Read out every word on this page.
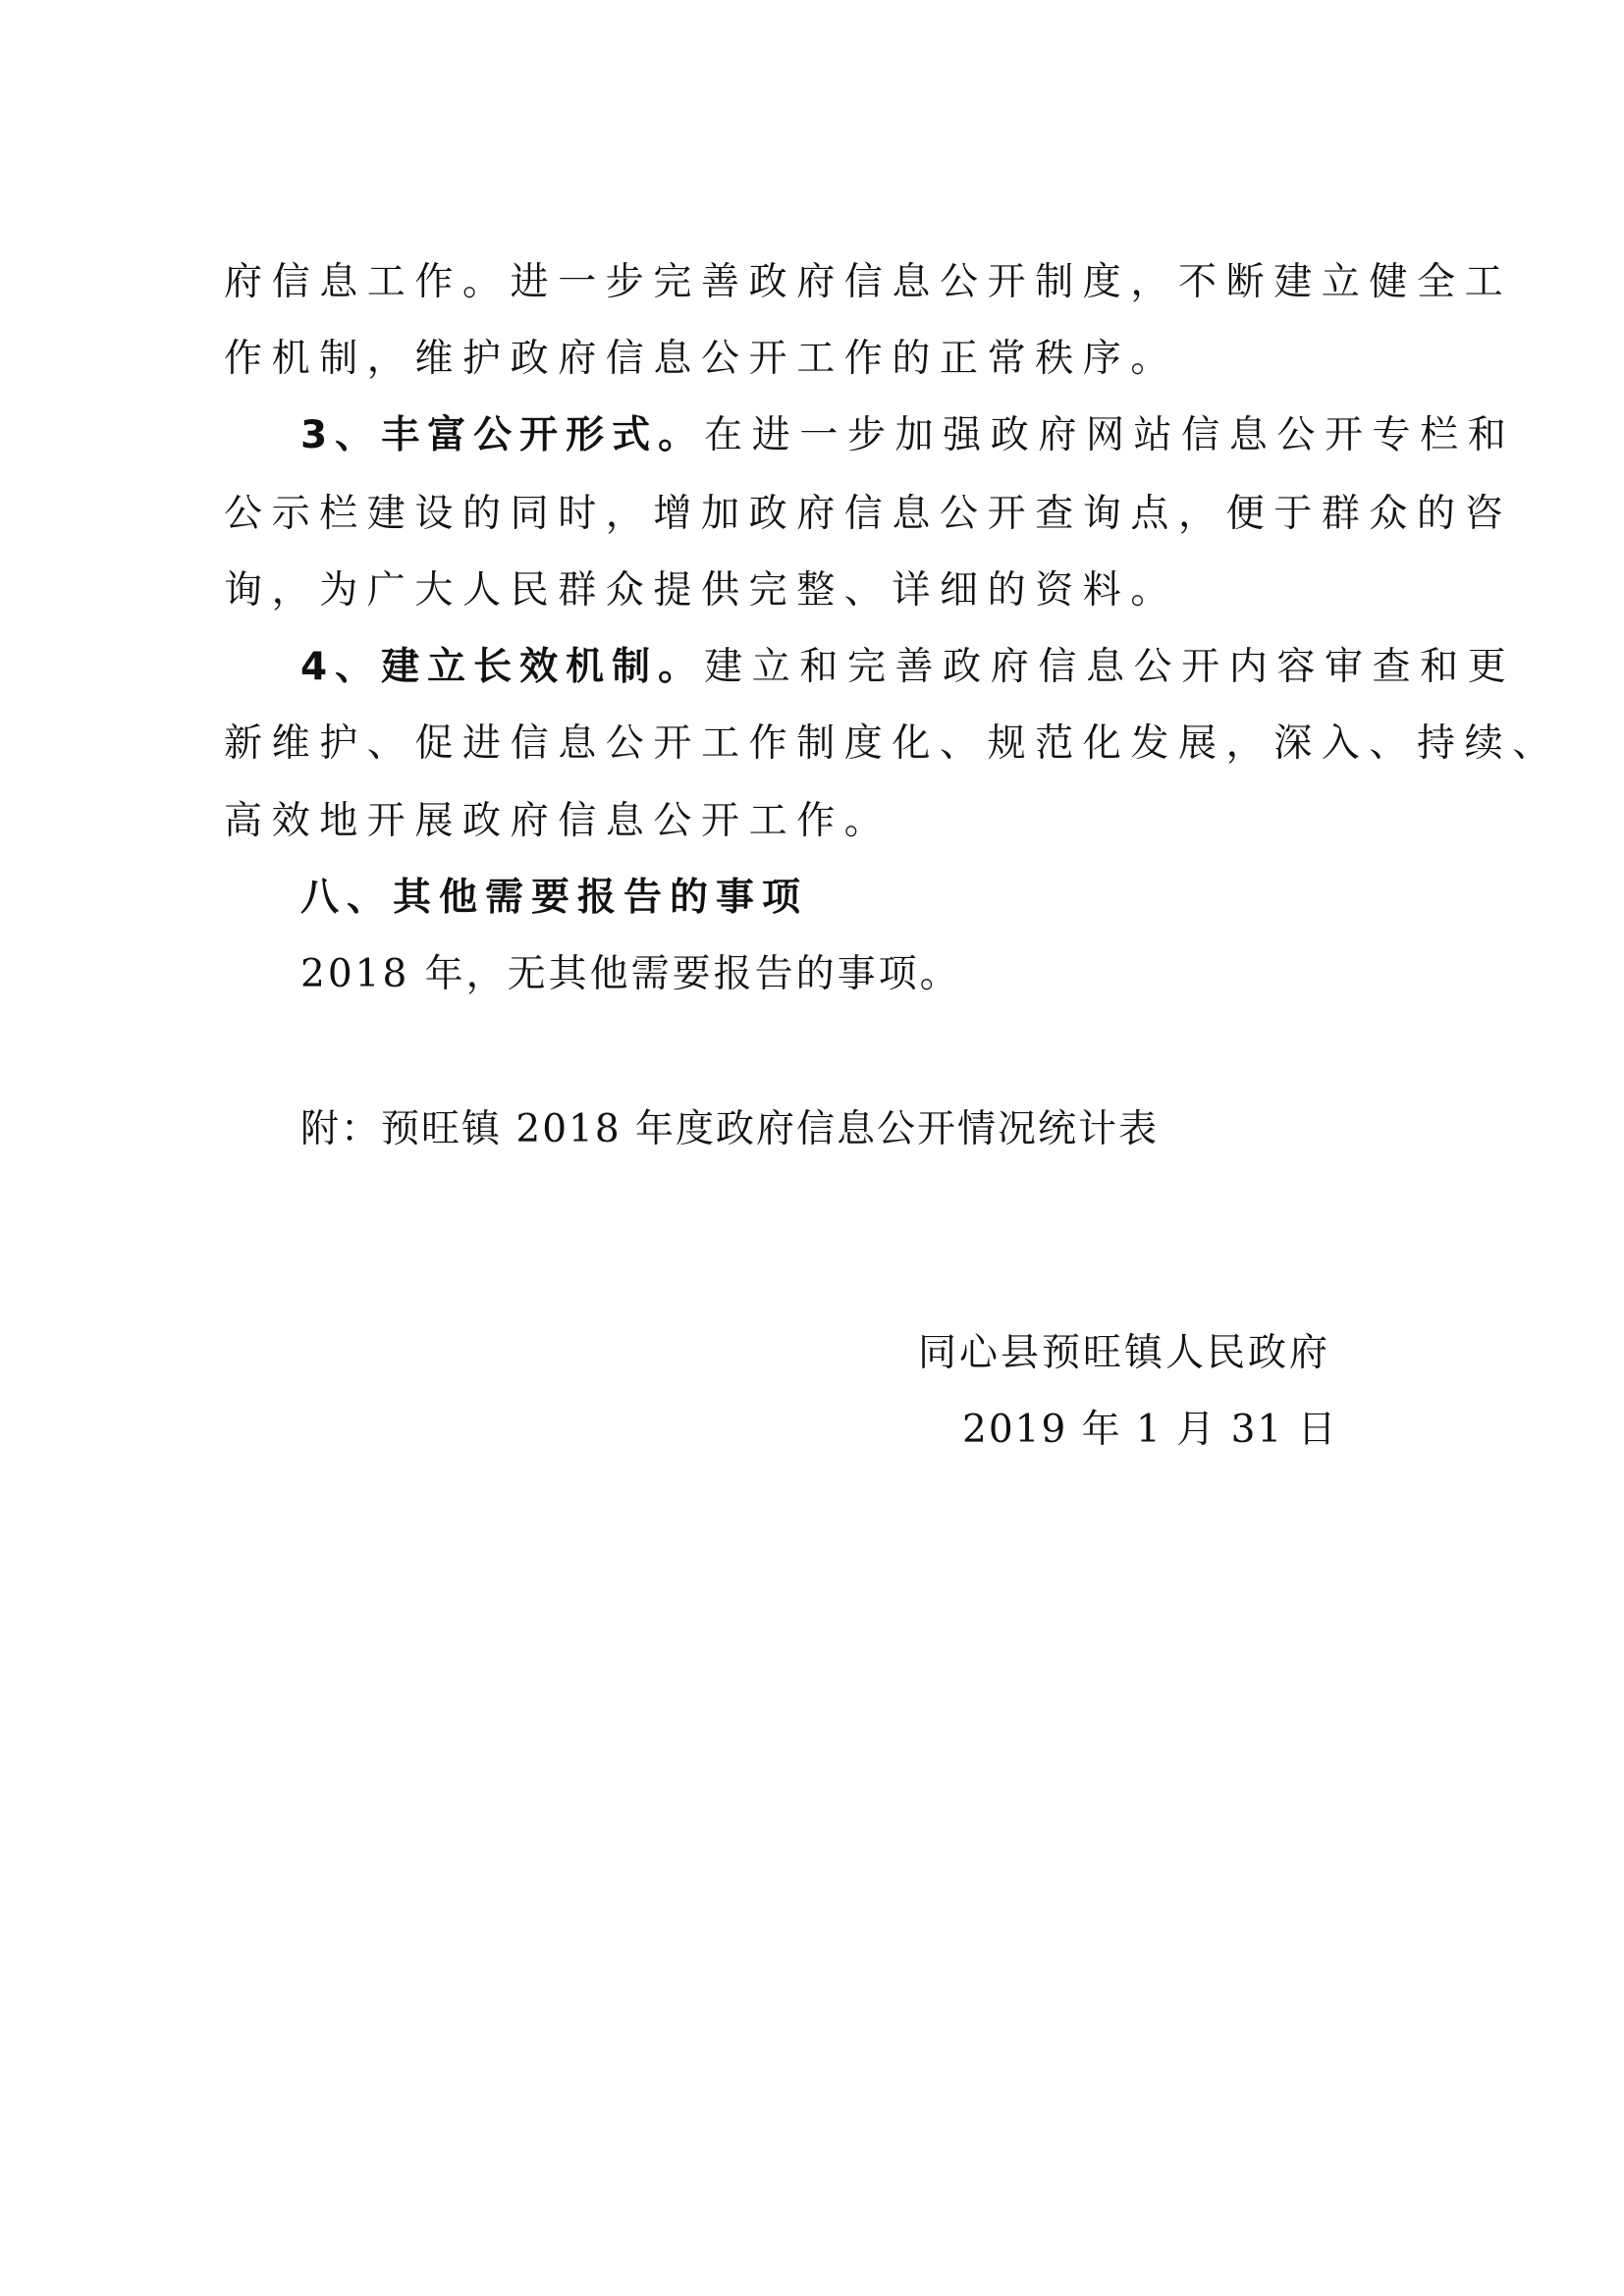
府信息工作。进一步完善政府信息公开制度，不断建立健全工
作机制，维护政府信息公开工作的正常秩序。
3、丰富公开形式。在进一步加强政府网站信息公开专栏和
公示栏建设的同时，增加政府信息公开查询点，便于群众的咨
询，为广大人民群众提供完整、详细的资料。
4、建立长效机制。建立和完善政府信息公开内容审查和更
新维护、促进信息公开工作制度化、规范化发展，深入、持续、
高效地开展政府信息公开工作。
八、其他需要报告的事项
2018 年，无其他需要报告的事项。
附：预旺镇 2018 年度政府信息公开情况统计表
同心县预旺镇人民政府
2019 年 1 月 31 日
